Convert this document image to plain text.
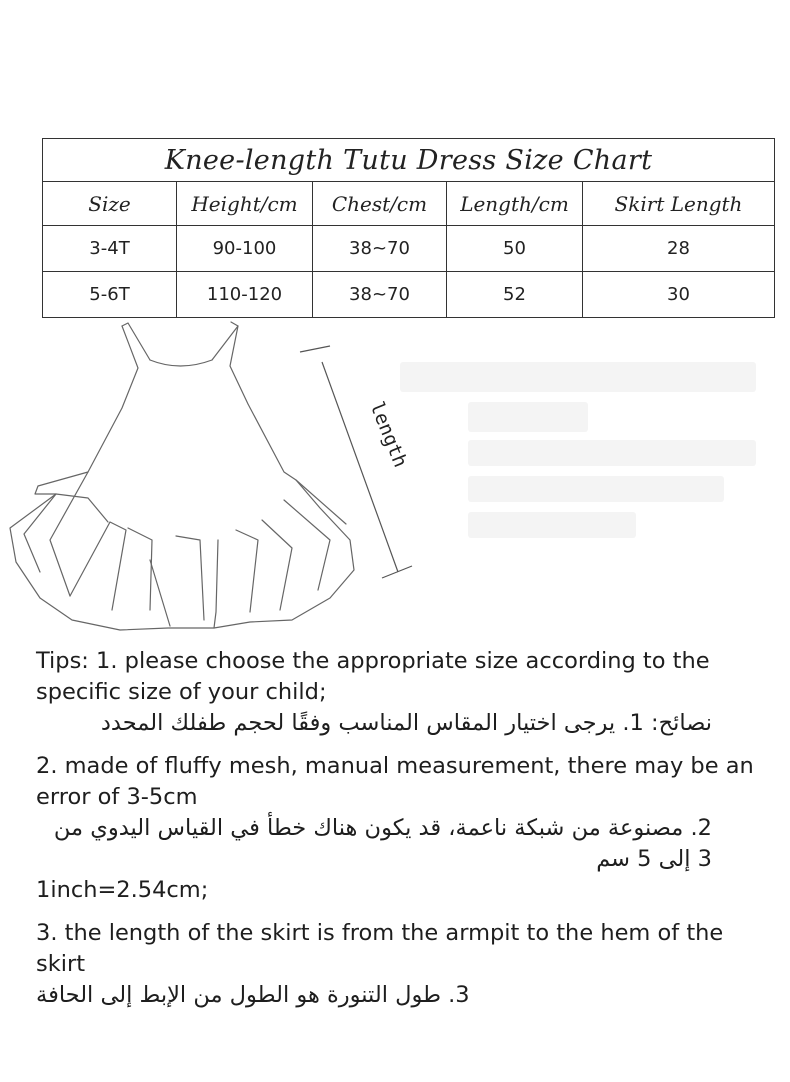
Knee-length Tutu Dress Size Chart				
Size	Height/cm	Chest/cm	Length/cm	Skirt Length
3-4T	90-100	38~70	50	28
5-6T	110-120	38~70	52	30
length

Tips: 1. please choose the appropriate size according to the specific size of your child;

نصائح: 1. يرجى اختيار المقاس المناسب وفقًا لحجم طفلك المحدد

2. made of fluffy mesh, manual measurement, there may be an error of 3-5cm

2. مصنوعة من شبكة ناعمة، قد يكون هناك خطأ في القياس اليدوي من 3 إلى 5 سم

1inch=2.54cm;

3. the length of the skirt is from the armpit to the hem of the skirt

3. طول التنورة هو الطول من الإبط إلى الحافة
